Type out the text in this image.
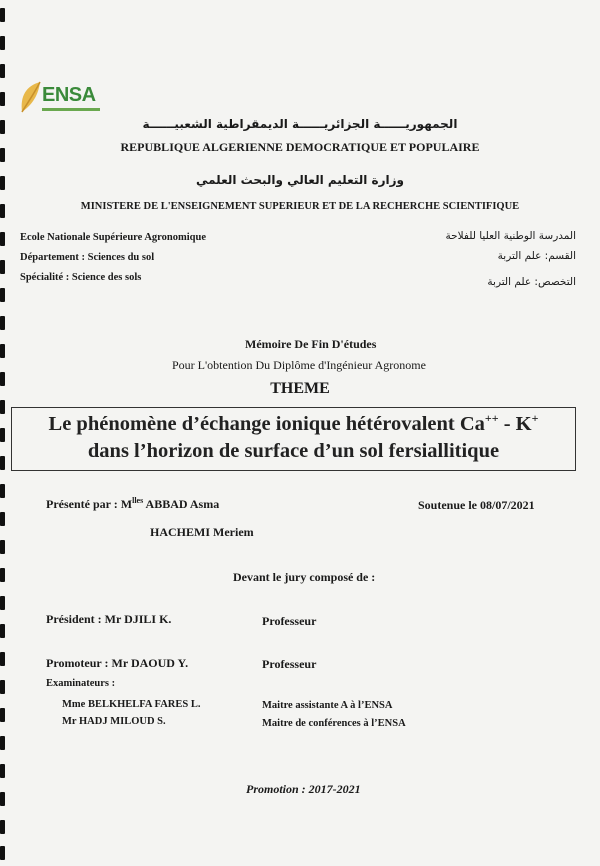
ENSA
الجمهوريــــــة الجزائريــــــة الديمقراطية الشعبيــــــة
REPUBLIQUE ALGERIENNE DEMOCRATIQUE ET POPULAIRE
وزارة التعليم العالي والبحث العلمي
MINISTERE DE L'ENSEIGNEMENT SUPERIEUR ET DE LA RECHERCHE SCIENTIFIQUE
Ecole Nationale Supérieure Agronomique
Département : Sciences du sol
Spécialité : Science des sols
المدرسة الوطنية العليا للفلاحة
القسم: علم التربة
التخصص: علم التربة
Mémoire De Fin D'études
Pour L'obtention Du Diplôme d'Ingénieur Agronome
THEME
Le phénomène d’échange ionique hétérovalent Ca++ - K+
dans l’horizon de surface d’un sol fersiallitique
Présenté par : $M^{lles}$ ABBAD Asma
HACHEMI Meriem
Soutenue le 08/07/2021
Devant le jury composé de :
Président : Mr DJILI K.	Professeur
Promoteur : Mr DAOUD Y.	Professeur
Examinateurs :
Mme BELKHELFA FARES L.	Maitre assistante A à l’ENSA
Mr HADJ MILOUD S.	Maitre de conférences à l’ENSA
Promotion : 2017-2021
